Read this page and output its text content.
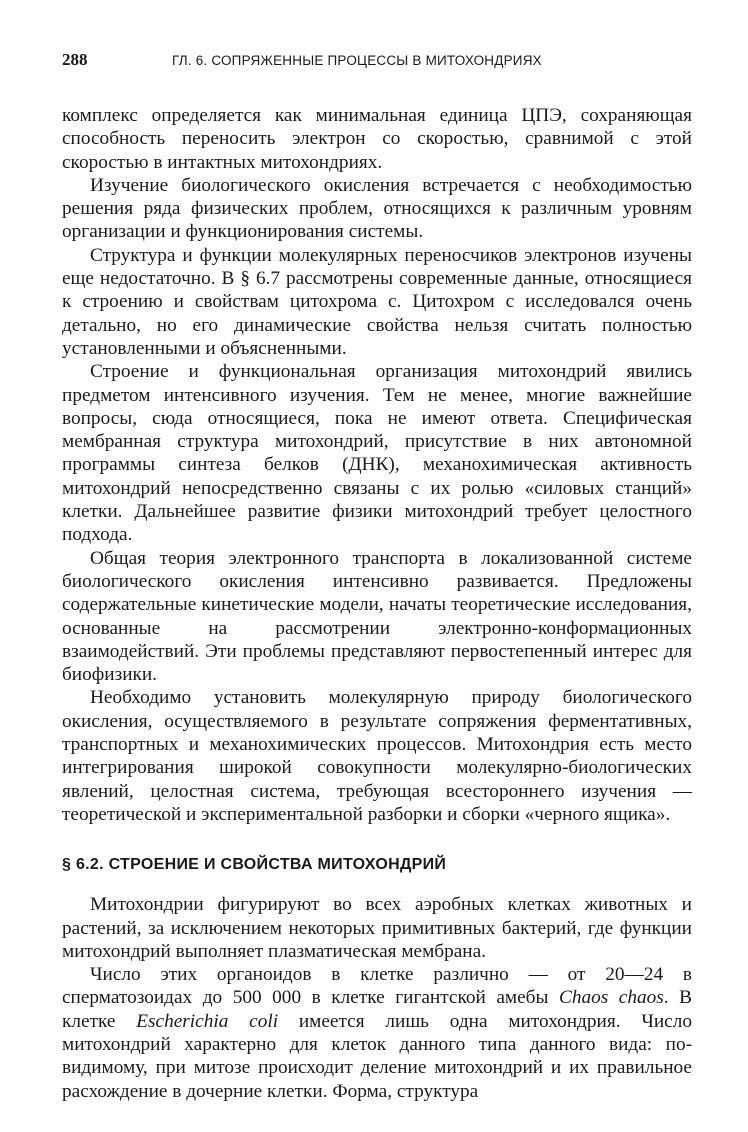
288	ГЛ. 6. СОПРЯЖЕННЫЕ ПРОЦЕССЫ В МИТОХОНДРИЯХ

комплекс определяется как минимальная единица ЦПЭ, сохраняющая способность переносить электрон со скоростью, сравнимой с этой скоростью в интактных митохондриях.

Изучение биологического окисления встречается с необходимостью решения ряда физических проблем, относящихся к различным уровням организации и функционирования системы.

Структура и функции молекулярных переносчиков электронов изучены еще недостаточно. В § 6.7 рассмотрены современные данные, относящиеся к строению и свойствам цитохрома с. Цитохром с исследовался очень детально, но его динамические свойства нельзя считать полностью установленными и объясненными.

Строение и функциональная организация митохондрий явились предметом интенсивного изучения. Тем не менее, многие важнейшие вопросы, сюда относящиеся, пока не имеют ответа. Специфическая мембранная структура митохондрий, присутствие в них автономной программы синтеза белков (ДНК), механохимическая активность митохондрий непосредственно связаны с их ролью «силовых станций» клетки. Дальнейшее развитие физики митохондрий требует целостного подхода.

Общая теория электронного транспорта в локализованной системе биологического окисления интенсивно развивается. Предложены содержательные кинетические модели, начаты теоретические исследования, основанные на рассмотрении электронно-конформационных взаимодействий. Эти проблемы представляют первостепенный интерес для биофизики.

Необходимо установить молекулярную природу биологического окисления, осуществляемого в результате сопряжения ферментативных, транспортных и механохимических процессов. Митохондрия есть место интегрирования широкой совокупности молекулярно-биологических явлений, целостная система, требующая всестороннего изучения — теоретической и экспериментальной разборки и сборки «черного ящика».

§ 6.2. СТРОЕНИЕ И СВОЙСТВА МИТОХОНДРИЙ

Митохондрии фигурируют во всех аэробных клетках животных и растений, за исключением некоторых примитивных бактерий, где функции митохондрий выполняет плазматическая мембрана.

Число этих органоидов в клетке различно — от 20—24 в сперматозоидах до 500 000 в клетке гигантской амебы Chaos chaos. В клетке Escherichia coli имеется лишь одна митохондрия. Число митохондрий характерно для клеток данного типа данного вида: по-видимому, при митозе происходит деление митохондрий и их правильное расхождение в дочерние клетки. Форма, структура
